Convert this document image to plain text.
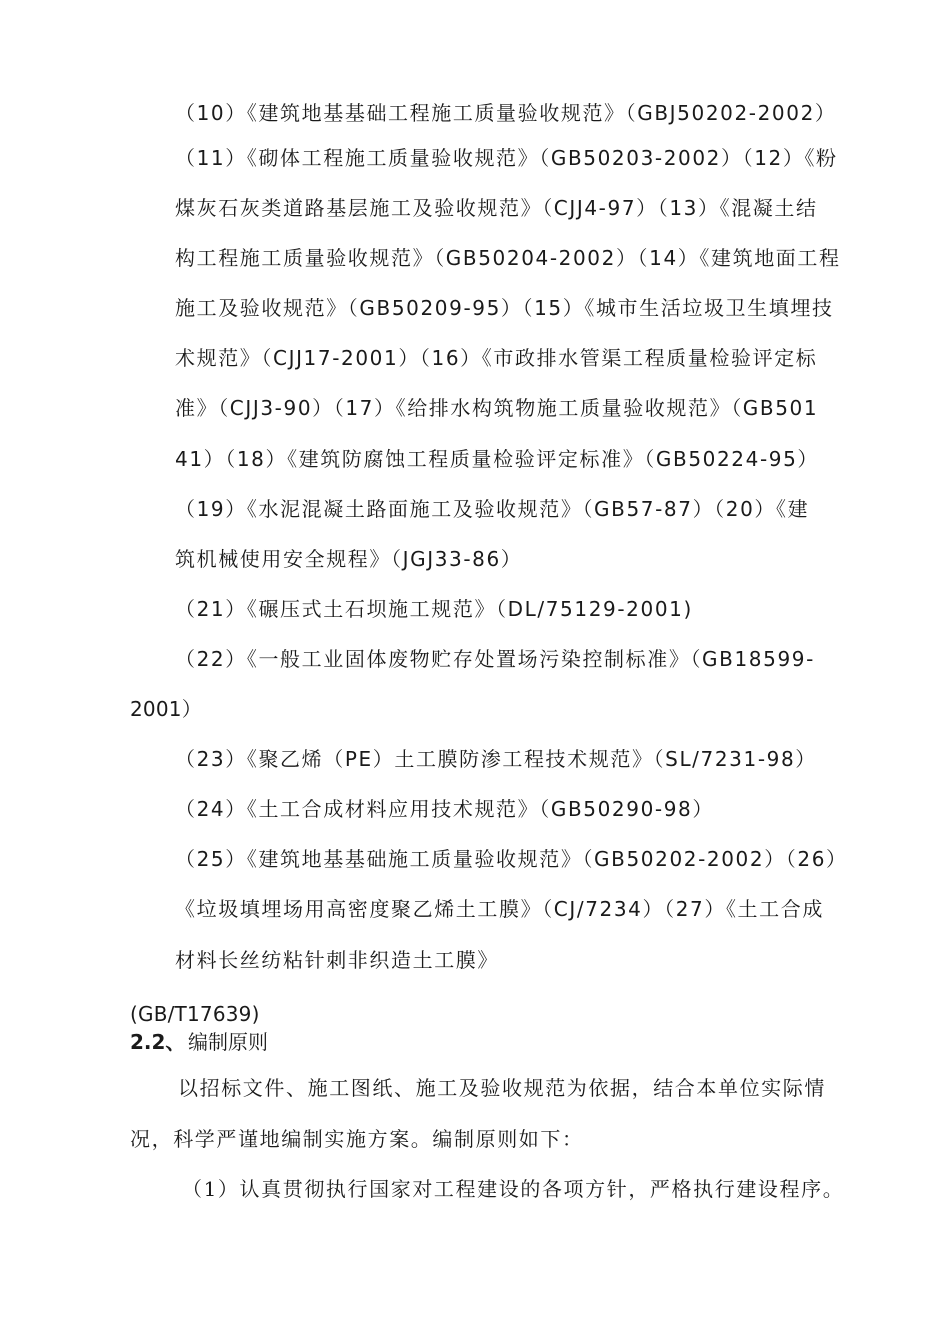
（10）《建筑地基基础工程施工质量验收规范》（GBJ50202-2002）
（11）《砌体工程施工质量验收规范》（GB50203-2002）（12）《粉
煤灰石灰类道路基层施工及验收规范》（CJJ4-97）（13）《混凝土结
构工程施工质量验收规范》（GB50204-2002）（14）《建筑地面工程
施工及验收规范》（GB50209-95）（15）《城市生活垃圾卫生填埋技
术规范》（CJJ17-2001）（16）《市政排水管渠工程质量检验评定标
准》（CJJ3-90）（17）《给排水构筑物施工质量验收规范》（GB501
41）（18）《建筑防腐蚀工程质量检验评定标准》（GB50224-95）
（19）《水泥混凝土路面施工及验收规范》（GB57-87）（20）《建
筑机械使用安全规程》（JGJ33-86）
（21）《碾压式土石坝施工规范》（DL/75129-2001)
（22）《一般工业固体废物贮存处置场污染控制标准》（GB18599-
2001）
（23）《聚乙烯（PE）土工膜防渗工程技术规范》（SL/7231-98）
（24）《土工合成材料应用技术规范》（GB50290-98）
（25）《建筑地基基础施工质量验收规范》（GB50202-2002）（26）
《垃圾填埋场用高密度聚乙烯土工膜》（CJ/7234）（27）《土工合成
材料长丝纺粘针刺非织造土工膜》
(GB/T17639)
2.2、 编制原则
以招标文件、施工图纸、施工及验收规范为依据，结合本单位实际情
况，科学严谨地编制实施方案。编制原则如下：
（1）认真贯彻执行国家对工程建设的各项方针，严格执行建设程序。
